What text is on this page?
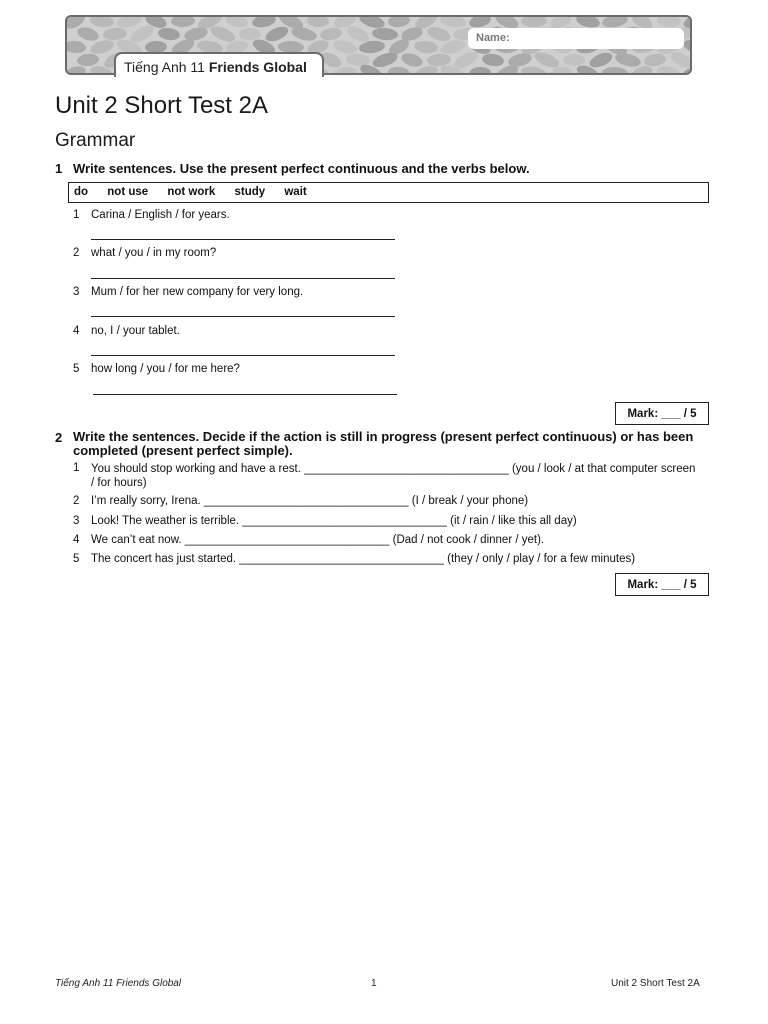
Name:
Tiếng Anh 11 Friends Global
Unit 2 Short Test 2A
Grammar
1 Write sentences. Use the present perfect continuous and the verbs below.
do not use not work study wait
1 Carina / English / for years.
2 what / you / in my room?
3 Mum / for her new company for very long.
4 no, I / your tablet.
5 how long / you / for me here?
Mark: ___ / 5
2 Write the sentences. Decide if the action is still in progress (present perfect continuous) or has been completed (present perfect simple).
1 You should stop working and have a rest. ________________________________ (you / look / at that computer screen / for hours)
2 I’m really sorry, Irena. ________________________________ (I / break / your phone)
3 Look! The weather is terrible. ________________________________ (it / rain / like this all day)
4 We can’t eat now. ________________________________ (Dad / not cook / dinner / yet).
5 The concert has just started. ________________________________ (they / only / play / for a few minutes)
Mark: ___ / 5
Tiếng Anh 11 Friends Global	1	Unit 2 Short Test 2A
